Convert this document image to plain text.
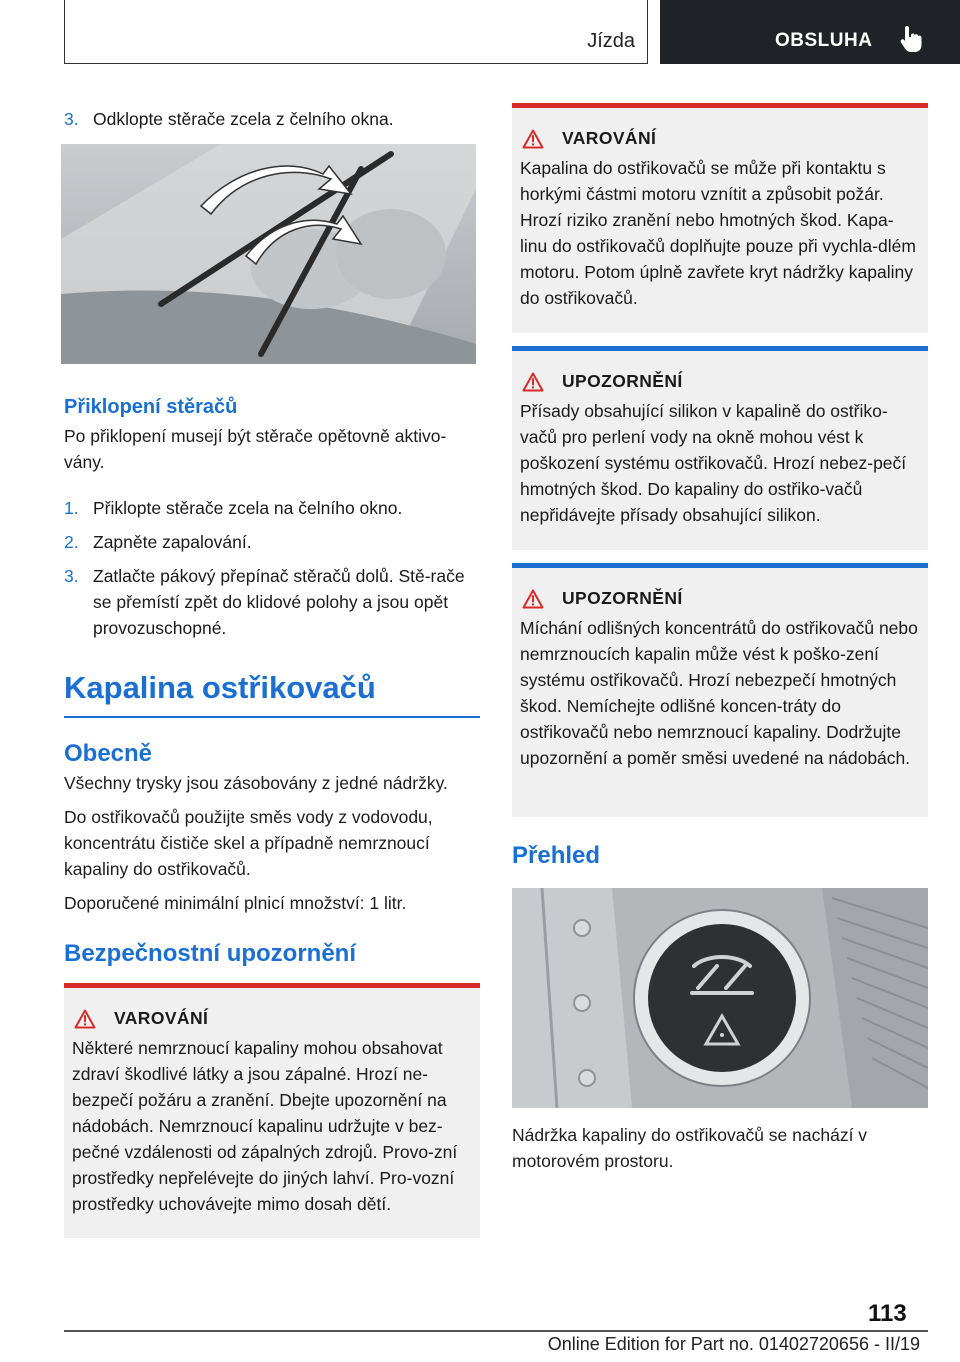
Jízda	OBSLUHA
3. Odklopte stěrače zcela z čelního okna.
Přiklopení stěračů
Po přiklopení musejí být stěrače opětovně aktivo-vány.
1. Přiklopte stěrače zcela na čelního okno.
2. Zapněte zapalování.
3. Zatlačte pákový přepínač stěračů dolů. Stě-rače se přemístí zpět do klidové polohy a jsou opět provozuschopné.
Kapalina ostřikovačů
Obecně
Všechny trysky jsou zásobovány z jedné nádržky.
Do ostřikovačů použijte směs vody z vodovodu, koncentrátu čističe skel a případně nemrznoucí kapaliny do ostřikovačů.
Doporučené minimální plnicí množství: 1 litr.
Bezpečnostní upozornění
VAROVÁNÍ
Některé nemrznoucí kapaliny mohou obsahovat zdraví škodlivé látky a jsou zápalné. Hrozí ne-bezpečí požáru a zranění. Dbejte upozornění na nádobách. Nemrznoucí kapalinu udržujte v bez-pečné vzdálenosti od zápalných zdrojů. Provo-zní prostředky nepřelévejte do jiných lahví. Pro-vozní prostředky uchovávejte mimo dosah dětí.
VAROVÁNÍ
Kapalina do ostřikovačů se může při kontaktu s horkými částmi motoru vznítit a způsobit požár. Hrozí riziko zranění nebo hmotných škod. Kapa-linu do ostřikovačů doplňujte pouze při vychla-dlém motoru. Potom úplně zavřete kryt nádržky kapaliny do ostřikovačů.
UPOZORNĚNÍ
Přísady obsahující silikon v kapalině do ostřiko-vačů pro perlení vody na okně mohou vést k poškození systému ostřikovačů. Hrozí nebez-pečí hmotných škod. Do kapaliny do ostřiko-vačů nepřidávejte přísady obsahující silikon.
UPOZORNĚNÍ
Míchání odlišných koncentrátů do ostřikovačů nebo nemrznoucích kapalin může vést k poško-zení systému ostřikovačů. Hrozí nebezpečí hmotných škod. Nemíchejte odlišné koncen-tráty do ostřikovačů nebo nemrznoucí kapaliny. Dodržujte upozornění a poměr směsi uvedené na nádobách.
Přehled
Nádržka kapaliny do ostřikovačů se nachází v motorovém prostoru.
113
Online Edition for Part no. 01402720656 - II/19
